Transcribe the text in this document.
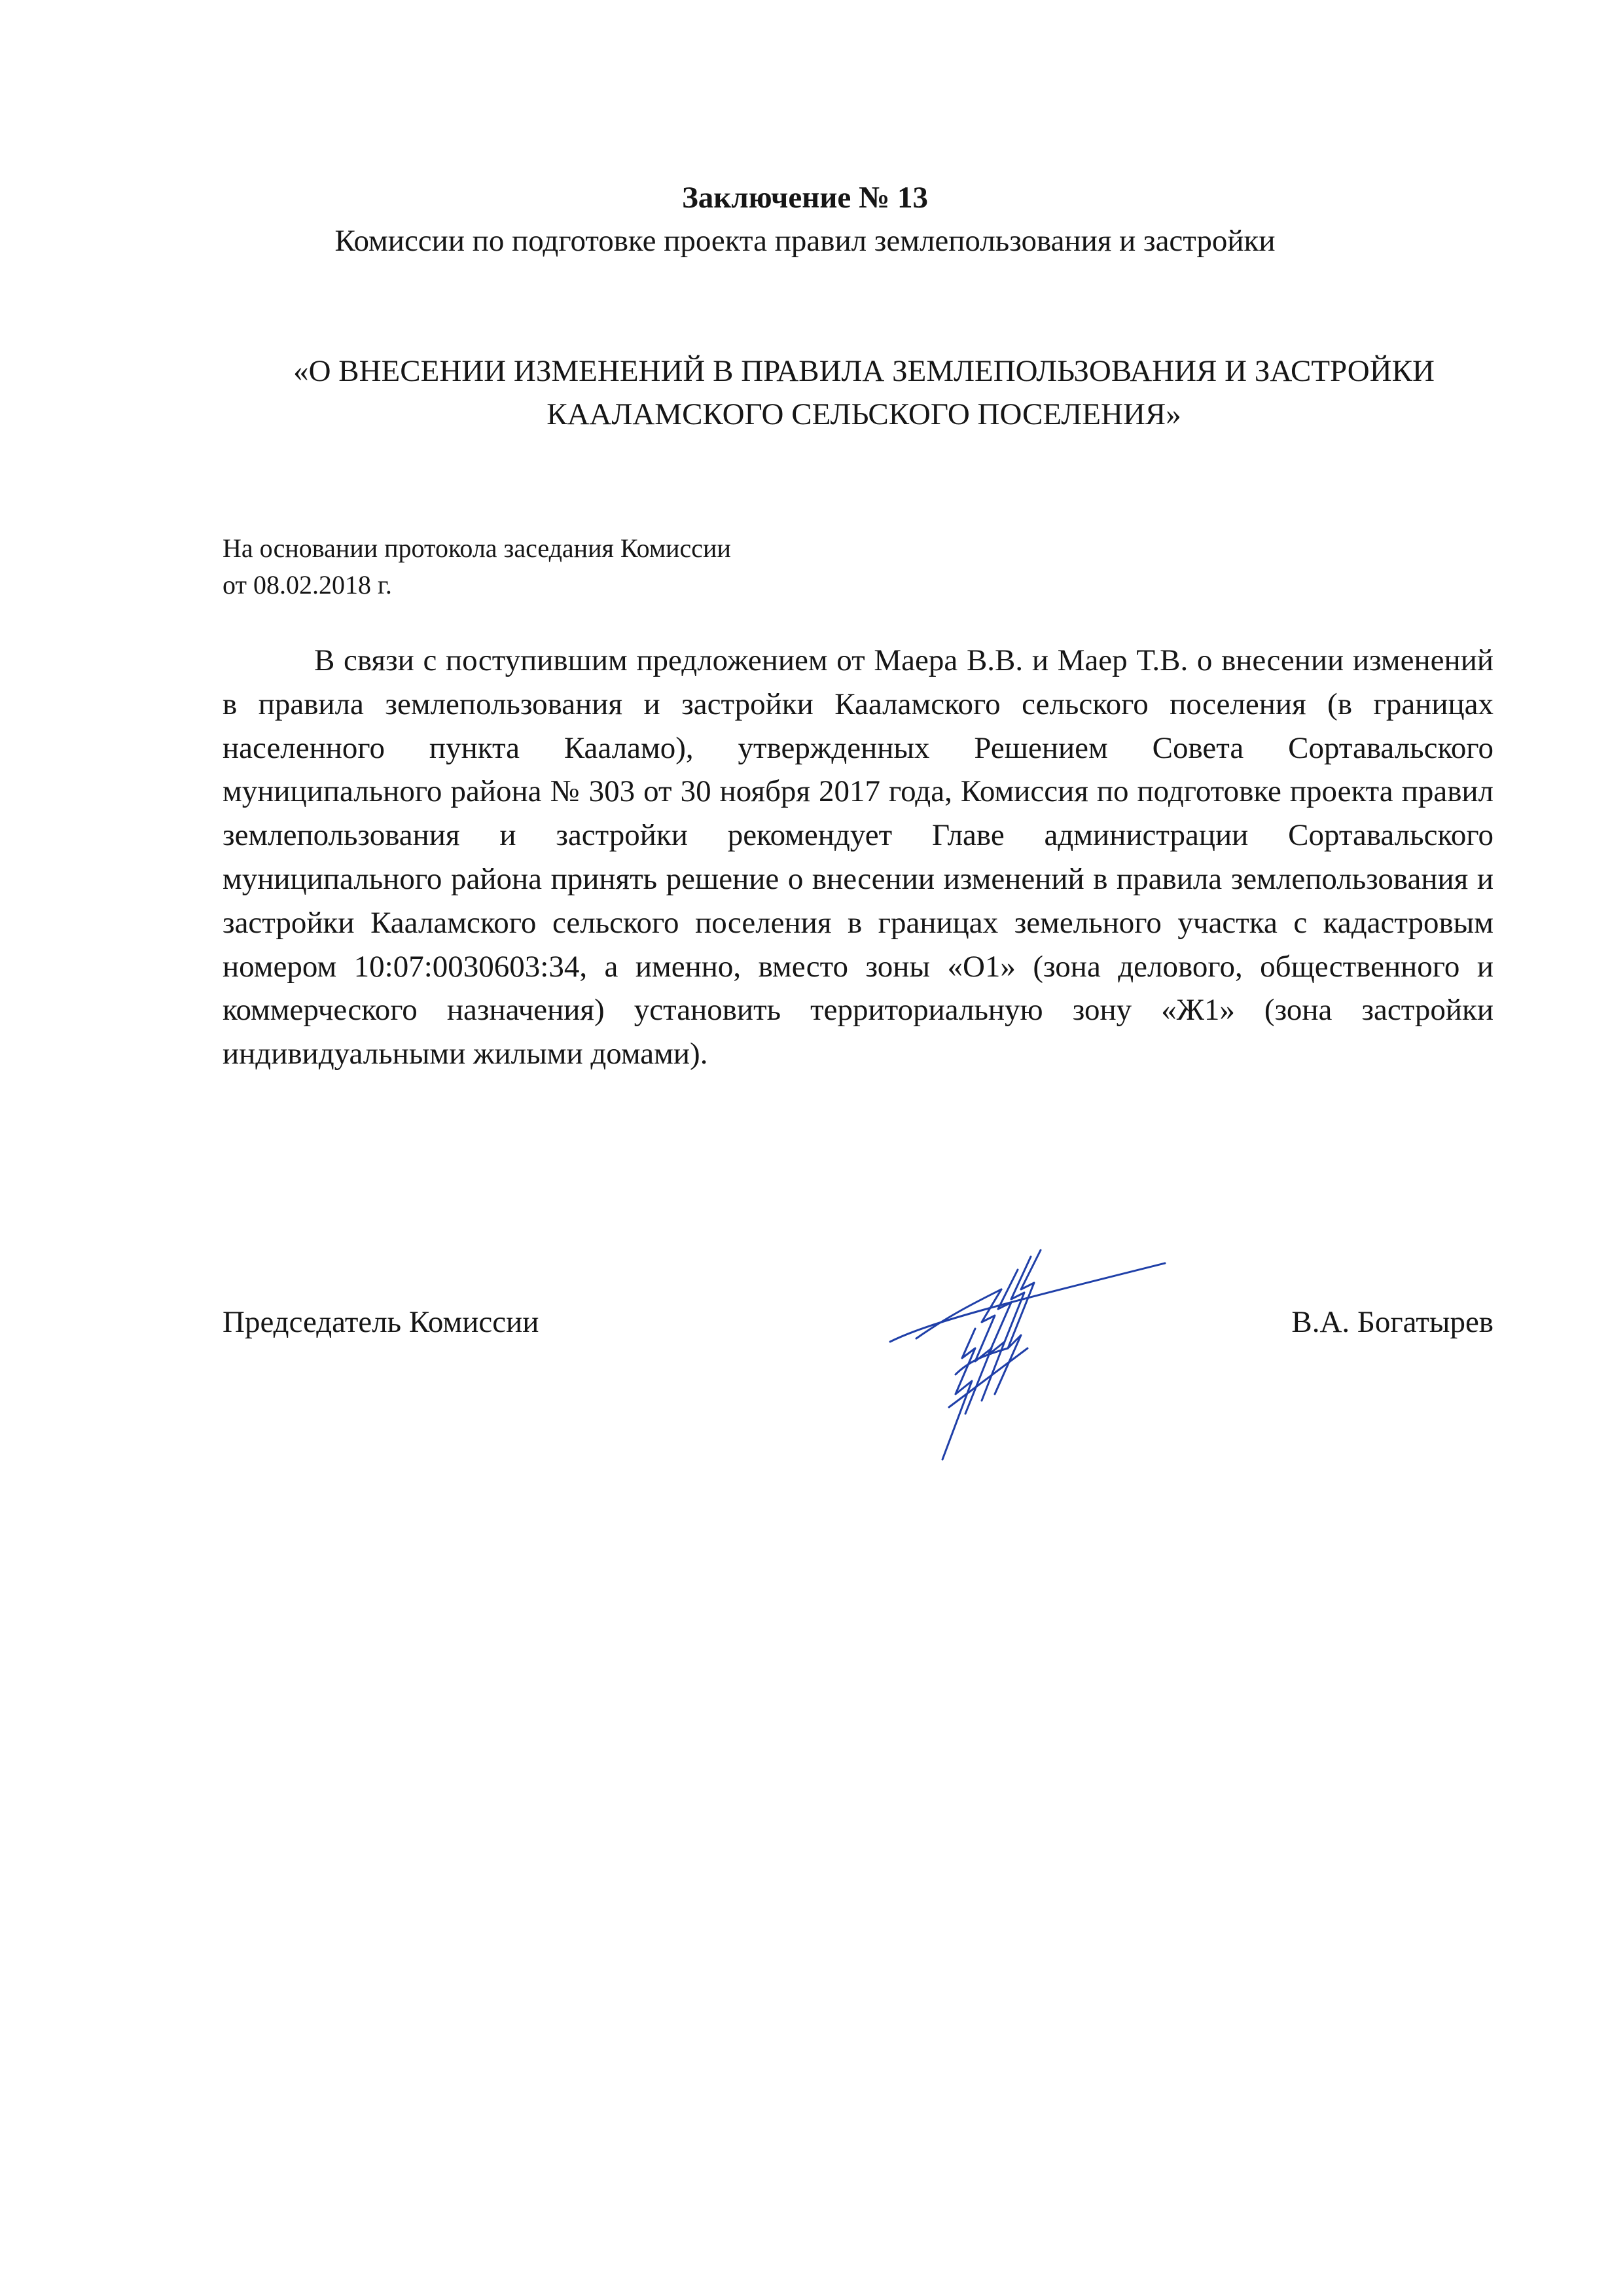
Заключение № 13
Комиссии по подготовке проекта правил землепользования и застройки
«О ВНЕСЕНИИ ИЗМЕНЕНИЙ В ПРАВИЛА ЗЕМЛЕПОЛЬЗОВАНИЯ И ЗАСТРОЙКИ КААЛАМСКОГО СЕЛЬСКОГО ПОСЕЛЕНИЯ»
На основании протокола заседания Комиссии
от 08.02.2018 г.

В связи с поступившим предложением от Маера В.В. и Маер Т.В. о внесении изменений в правила землепользования и застройки Кааламского сельского поселения (в границах населенного пункта Кааламо), утвержденных Решением Совета Сортавальского муниципального района № 303 от 30 ноября 2017 года, Комиссия по подготовке проекта правил землепользования и застройки рекомендует Главе администрации Сортавальского муниципального района принять решение о внесении изменений в правила землепользования и застройки Кааламского сельского поселения в границах земельного участка с кадастровым номером 10:07:0030603:34, а именно, вместо зоны «О1» (зона делового, общественного и коммерческого назначения) установить территориальную зону «Ж1» (зона застройки индивидуальными жилыми домами).

Председатель Комиссии	В.А. Богатырев
